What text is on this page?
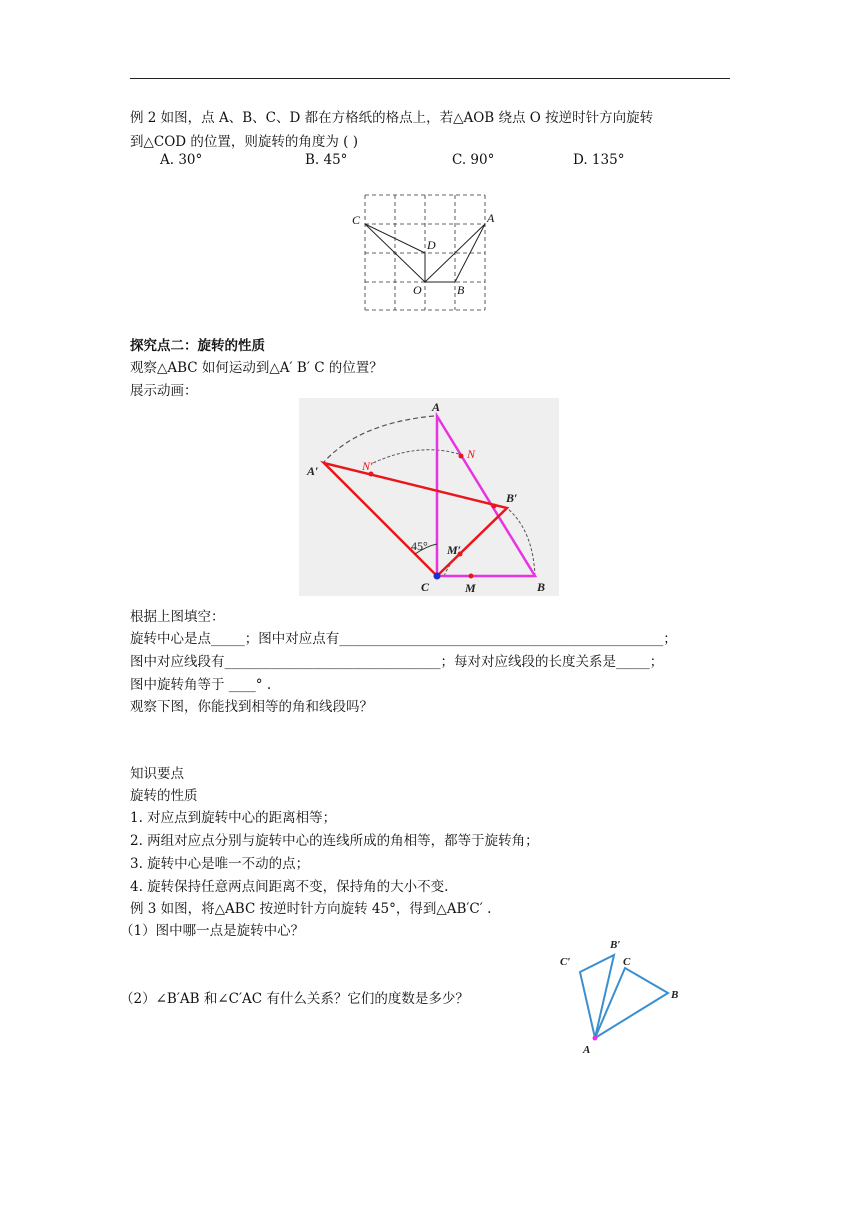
例 2 如图，点 A、B、C、D 都在方格纸的格点上，若△AOB 绕点 O 按逆时针方向旋转
到△COD 的位置，则旋转的角度为 ( )
A. 30°	B. 45°	C. 90°	D. 135°
C	A
D
O	B
探究点二：旋转的性质
观察△ABC 如何运动到△A′ B′ C 的位置？
展示动画：
A
A′
B′
45° M′
C	M	B
N
N′
根据上图填空：
旋转中心是点_____；图中对应点有________________________________________________；
图中对应线段有________________________________；每对对应线段的长度关系是_____；
图中旋转角等于 ____° .
观察下图，你能找到相等的角和线段吗？
知识要点
旋转的性质
1. 对应点到旋转中心的距离相等；
2. 两组对应点分别与旋转中心的连线所成的角相等，都等于旋转角；
3. 旋转中心是唯一不动的点；
4. 旋转保持任意两点间距离不变，保持角的大小不变.
例 3 如图，将△ABC 按逆时针方向旋转 45°，得到△AB′C′ .
（1）图中哪一点是旋转中心？
（2）∠B′AB 和∠C′AC 有什么关系？它们的度数是多少？
C′
B′
C
B
A
